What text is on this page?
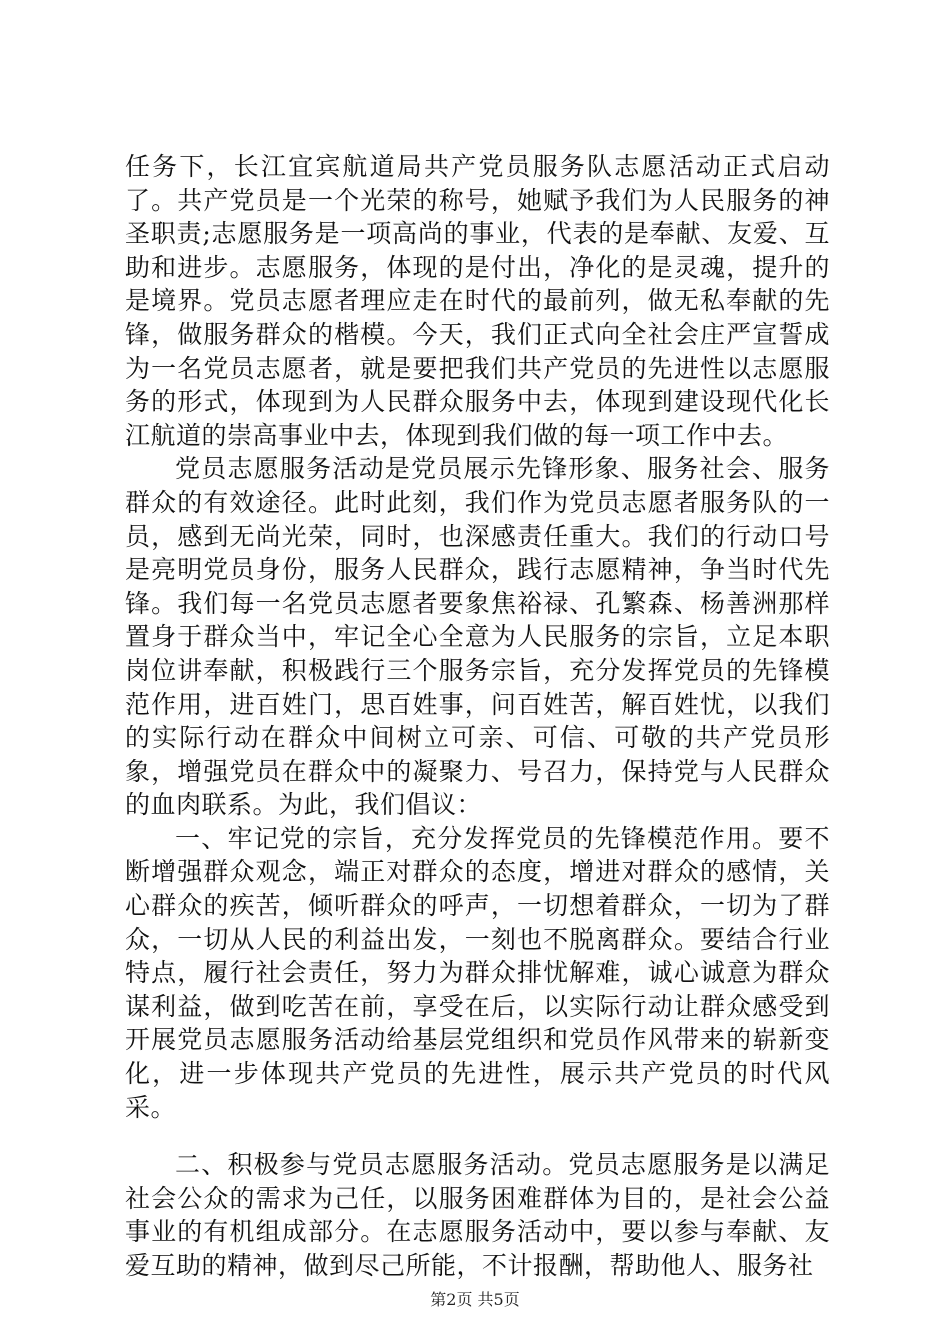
任务下，长江宜宾航道局共产党员服务队志愿活动正式启动了。共产党员是一个光荣的称号，她赋予我们为人民服务的神圣职责;志愿服务是一项高尚的事业，代表的是奉献、友爱、互助和进步。志愿服务，体现的是付出，净化的是灵魂，提升的是境界。党员志愿者理应走在时代的最前列，做无私奉献的先锋，做服务群众的楷模。今天，我们正式向全社会庄严宣誓成为一名党员志愿者，就是要把我们共产党员的先进性以志愿服务的形式，体现到为人民群众服务中去，体现到建设现代化长江航道的崇高事业中去，体现到我们做的每一项工作中去。

党员志愿服务活动是党员展示先锋形象、服务社会、服务群众的有效途径。此时此刻，我们作为党员志愿者服务队的一员，感到无尚光荣，同时，也深感责任重大。我们的行动口号是亮明党员身份，服务人民群众，践行志愿精神，争当时代先锋。我们每一名党员志愿者要象焦裕禄、孔繁森、杨善洲那样置身于群众当中，牢记全心全意为人民服务的宗旨，立足本职岗位讲奉献，积极践行三个服务宗旨，充分发挥党员的先锋模范作用，进百姓门，思百姓事，问百姓苦，解百姓忧，以我们的实际行动在群众中间树立可亲、可信、可敬的共产党员形象，增强党员在群众中的凝聚力、号召力，保持党与人民群众的血肉联系。为此，我们倡议：

一、牢记党的宗旨，充分发挥党员的先锋模范作用。要不断增强群众观念，端正对群众的态度，增进对群众的感情，关心群众的疾苦，倾听群众的呼声，一切想着群众，一切为了群众，一切从人民的利益出发，一刻也不脱离群众。要结合行业特点，履行社会责任，努力为群众排忧解难，诚心诚意为群众谋利益，做到吃苦在前，享受在后，以实际行动让群众感受到开展党员志愿服务活动给基层党组织和党员作风带来的崭新变化，进一步体现共产党员的先进性，展示共产党员的时代风采。

二、积极参与党员志愿服务活动。党员志愿服务是以满足社会公众的需求为己任，以服务困难群体为目的，是社会公益事业的有机组成部分。在志愿服务活动中，要以参与奉献、友爱互助的精神，做到尽己所能，不计报酬，帮助他人、服务社

第2页 共5页
